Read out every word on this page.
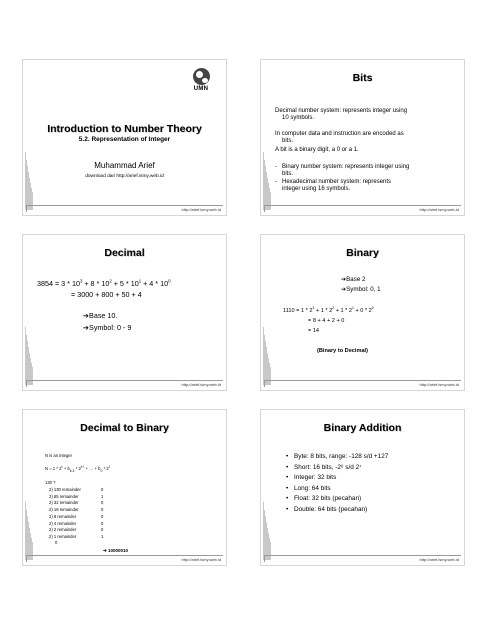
UMN
Introduction to Number Theory
5.2. Representation of Integer
Muhammad Arief
download dari http://arief.ismy.web.id
http://arief.ismy.web.id
Bits
Decimal number system: represents integer using
10 symbols.
In computer data and instruction are encoded as
bits.
A bit is a binary digit, a 0 or a 1.
- Binary number system: represents integer using
bits.
- Hexadecimal number system: represents
integer using 16 symbols.
http://arief.ismy.web.id
Decimal
$3854 = 3 * 10^3 + 8 * 10^2 + 5 * 10^1 + 4 * 10^0$
= 3000 + 800 + 50 + 4
➔Base 10.
➔Symbol: 0 - 9
http://arief.ismy.web.id
Binary
➔Base 2
➔Symbol: 0, 1
$1110 = 1 * 2^3 + 1 * 2^2 + 1 * 2^1 + 0 * 2^0$
= 8 + 4 + 2 + 0
= 14
(Binary to Decimal)
http://arief.ismy.web.id
Decimal to Binary
N is an integer
$N = 1 * 2^k + b_{k-1} * 2^{k-1}$ + … + $b_0 * 2^0$
130 ?
2) 130 remainder	0
2) 65 remainder	1
2) 32 remainder	0
2) 16 remainder	0
2) 8 remainder	0
2) 4 remainder	0
2) 2 remainder	0
2) 1 remainder	1
0
➔ 10000010
http://arief.ismy.web.id
Binary Addition
• Byte: 8 bits, range: -128 s/d +127
• Short: 16 bits, -2⁶ s/d 2⁷
• Integer: 32 bits
• Long: 64 bits
• Float: 32 bits (pecahan)
• Double: 64 bits (pecahan)
http://arief.ismy.web.id
